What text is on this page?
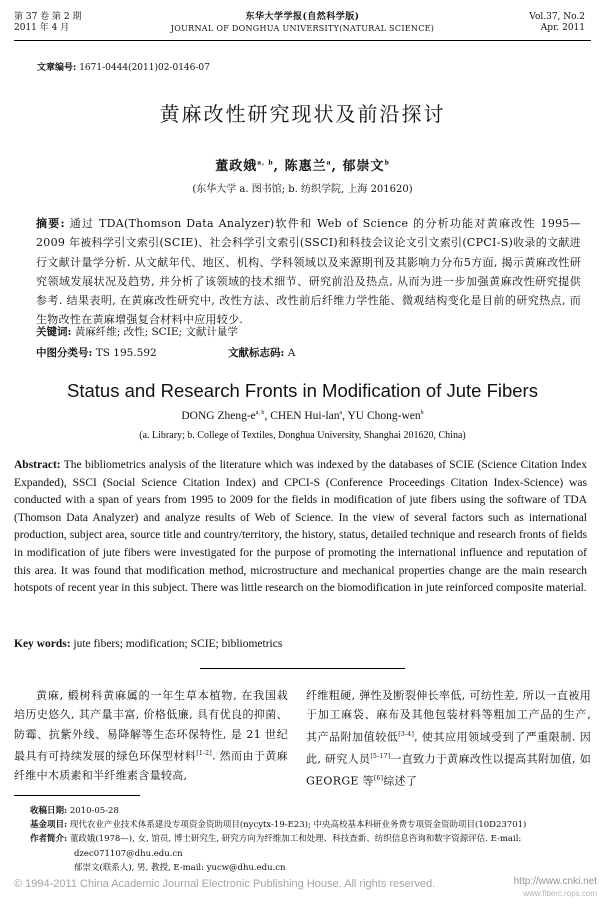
第 37 卷 第 2 期
2011 年 4 月
东华大学学报(自然科学版)
JOURNAL OF DONGHUA UNIVERSITY(NATURAL SCIENCE)
Vol.37, No.2
Apr. 2011
文章编号: 1671-0444(2011)02-0146-07
黄麻改性研究现状及前沿探讨
董政娥$^{a, b}$, 陈惠兰$^a$, 郁崇文$^b$
(东华大学 a. 图书馆; b. 纺织学院, 上海 201620)
摘要: 通过 TDA(Thomson Data Analyzer)软件和 Web of Science 的分析功能对黄麻改性 1995—2009 年被科学引文索引(SCIE)、社会科学引文索引(SSCI)和科技会议论文引文索引(CPCI-S)收录的文献进行文献计量学分析. 从文献年代、地区、机构、学科领域以及来源期刊及其影响力分布5方面, 揭示黄麻改性研究领域发展状况及趋势, 并分析了该领域的技术细节、研究前沿及热点, 从而为进一步加强黄麻改性研究提供参考. 结果表明, 在黄麻改性研究中, 改性方法、改性前后纤维力学性能、微观结构变化是目前的研究热点, 而生物改性在黄麻增强复合材料中应用较少.
关键词: 黄麻纤维; 改性; SCIE; 文献计量学
中图分类号: TS 195.592	文献标志码: A
Status and Research Fronts in Modification of Jute Fibers
DONG Zheng-$e^{a, b}$, CHEN Hui-lan$^a$, YU Chong-wen$^b$
(a. Library; b. College of Textiles, Donghua University, Shanghai 201620, China)
Abstract: The bibliometrics analysis of the literature which was indexed by the databases of SCIE (Science Citation Index Expanded), SSCI (Social Science Citation Index) and CPCI-S (Conference Proceedings Citation Index-Science) was conducted with a span of years from 1995 to 2009 for the fields in modification of jute fibers using the software of TDA (Thomson Data Analyzer) and analyze results of Web of Science. In the view of several factors such as international production, subject area, source title and country/territory, the history, status, detailed technique and research fronts of fields in modification of jute fibers were investigated for the purpose of promoting the international influence and reputation of this area. It was found that modification method, microstructure and mechanical properties change are the main research hotspots of recent year in this subject. There was little research on the biomodification in jute reinforced composite material.
Key words: jute fibers; modification; SCIE; bibliometrics
黄麻, 椴树科黄麻属的一年生草本植物, 在我国栽培历史悠久, 其产量丰富, 价格低廉, 具有优良的抑菌、防霉、抗紫外线、易降解等生态环保特性, 是 21 世纪最具有可持续发展的绿色环保型材料[1-2]. 然而由于黄麻纤维中木质素和半纤维素含量较高,
纤维粗硬, 弹性及断裂伸长率低, 可纺性差, 所以一直被用于加工麻袋、麻布及其他包装材料等粗加工产品的生产, 其产品附加值较低[3-4], 使其应用领域受到了严重限制. 因此, 研究人员[5-17]一直致力于黄麻改性以提高其附加值, 如 GEORGE 等[6]综述了
收稿日期: 2010-05-28
基金项目: 现代农业产业技术体系建设专项资金资助项目(nycytx-19-E23); 中央高校基本科研业务费专项资金资助项目(10D23701)
作者简介: 董政娥(1978—), 女, 馆员, 博士研究生, 研究方向为纤维加工和处理、科技查新、纺织信息咨询和数字资源评估. E-mail: dzec071107@dhu.edu.cn
郁崇文(联系人), 男, 教授, E-mail: yucw@dhu.edu.cn
© 1994-2011 China Academic Journal Electronic Publishing House. All rights reserved.	http://www.cnki.net
www.fiberc.rops.com
